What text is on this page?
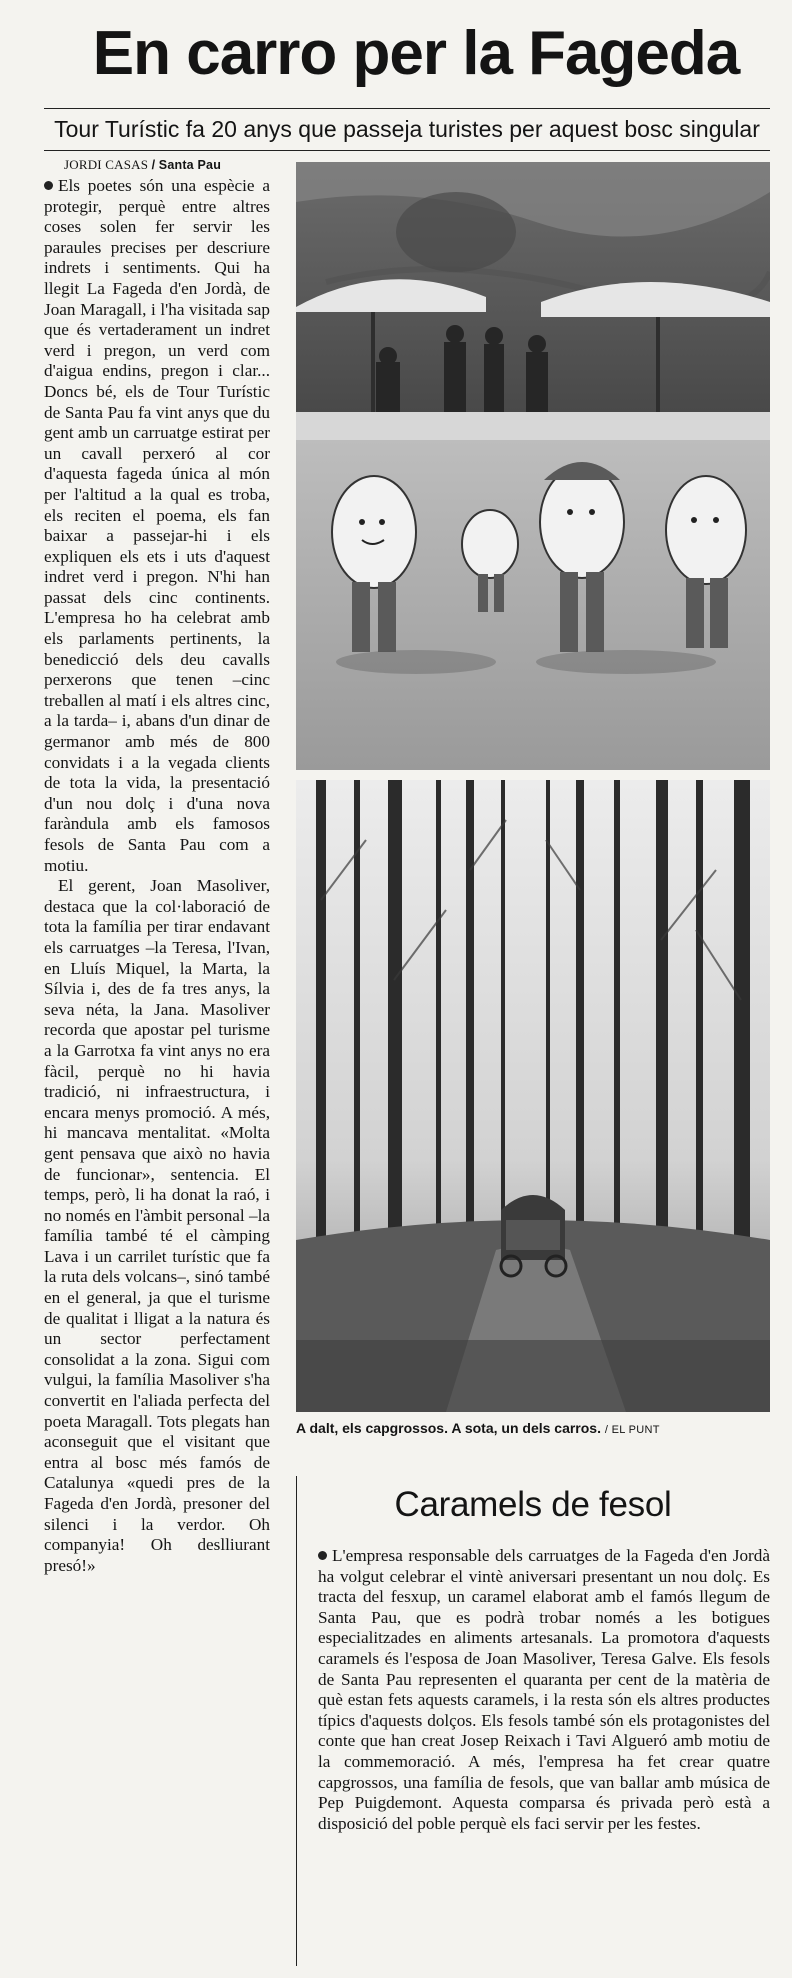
En carro per la Fageda
Tour Turístic fa 20 anys que passeja turistes per aquest bosc singular
JORDI CASAS / Santa Pau

Els poetes són una espècie a protegir, perquè entre altres coses solen fer servir les paraules precises per descriure indrets i sentiments. Qui ha llegit La Fageda d'en Jordà, de Joan Maragall, i l'ha visitada sap que és vertaderament un indret verd i pregon, un verd com d'aigua endins, pregon i clar... Doncs bé, els de Tour Turístic de Santa Pau fa vint anys que du gent amb un carruatge estirat per un cavall perxeró al cor d'aquesta fageda única al món per l'altitud a la qual es troba, els reciten el poema, els fan baixar a passejar-hi i els expliquen els ets i uts d'aquest indret verd i pregon. N'hi han passat dels cinc continents. L'empresa ho ha celebrat amb els parlaments pertinents, la benedicció dels deu cavalls perxerons que tenen –cinc treballen al matí i els altres cinc, a la tarda– i, abans d'un dinar de germanor amb més de 800 convidats i a la vegada clients de tota la vida, la presentació d'un nou dolç i d'una nova faràndula amb els famosos fesols de Santa Pau com a motiu.

El gerent, Joan Masoliver, destaca que la col·laboració de tota la família per tirar endavant els carruatges –la Teresa, l'Ivan, en Lluís Miquel, la Marta, la Sílvia i, des de fa tres anys, la seva néta, la Jana. Masoliver recorda que apostar pel turisme a la Garrotxa fa vint anys no era fàcil, perquè no hi havia tradició, ni infraestructura, i encara menys promoció. A més, hi mancava mentalitat. «Molta gent pensava que això no havia de funcionar», sentencia. El temps, però, li ha donat la raó, i no només en l'àmbit personal –la família també té el càmping Lava i un carrilet turístic que fa la ruta dels volcans–, sinó també en el general, ja que el turisme de qualitat i lligat a la natura és un sector perfectament consolidat a la zona. Sigui com vulgui, la família Masoliver s'ha convertit en l'aliada perfecta del poeta Maragall. Tots plegats han aconseguit que el visitant que entra al bosc més famós de Catalunya «quedi pres de la Fageda d'en Jordà, presoner del silenci i la verdor. Oh companyia! Oh deslliurant presó!»

A dalt, els capgrossos. A sota, un dels carros. / EL PUNT
Caramels de fesol

L'empresa responsable dels carruatges de la Fageda d'en Jordà ha volgut celebrar el vintè aniversari presentant un nou dolç. Es tracta del fesxup, un caramel elaborat amb el famós llegum de Santa Pau, que es podrà trobar només a les botigues especialitzades en aliments artesanals. La promotora d'aquests caramels és l'esposa de Joan Masoliver, Teresa Galve. Els fesols de Santa Pau representen el quaranta per cent de la matèria de què estan fets aquests caramels, i la resta són els altres productes típics d'aquests dolços. Els fesols també són els protagonistes del conte que han creat Josep Reixach i Tavi Algueró amb motiu de la commemoració. A més, l'empresa ha fet crear quatre capgrossos, una família de fesols, que van ballar amb música de Pep Puigdemont. Aquesta comparsa és privada però està a disposició del poble perquè els faci servir per les festes.
